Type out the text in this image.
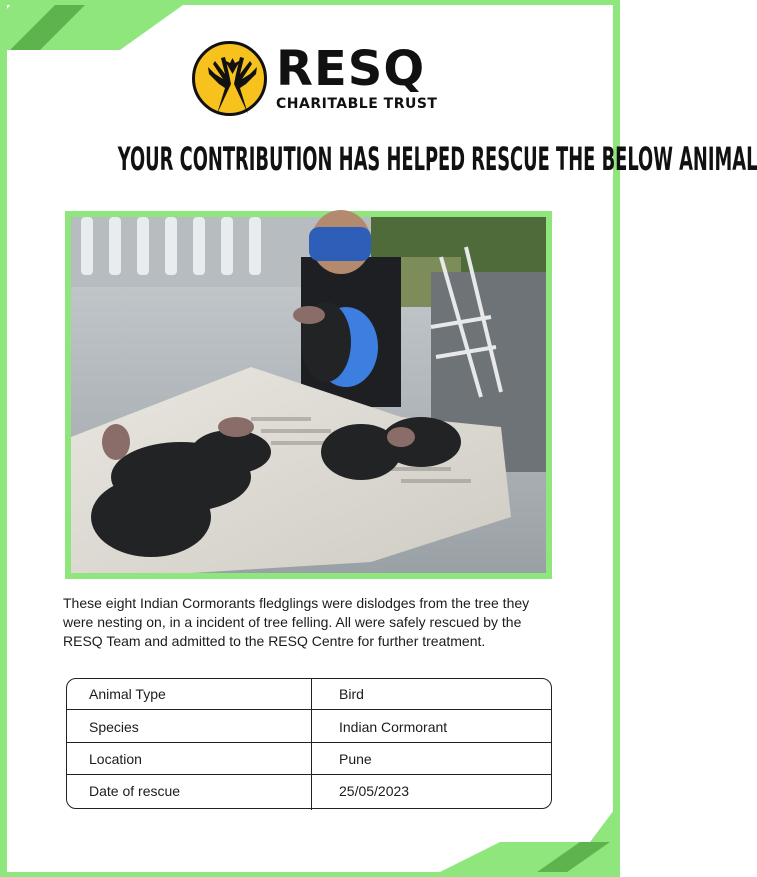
RESQ
CHARITABLE TRUST
YOUR CONTRIBUTION HAS HELPED RESCUE THE BELOW ANIMAL
These eight Indian Cormorants fledglings were dislodges from the tree they were nesting on, in a incident of tree felling. All were safely rescued by the RESQ Team and admitted to the RESQ Centre for further treatment.
Animal Type	Bird
Species	Indian Cormorant
Location	Pune
Date of rescue	25/05/2023
